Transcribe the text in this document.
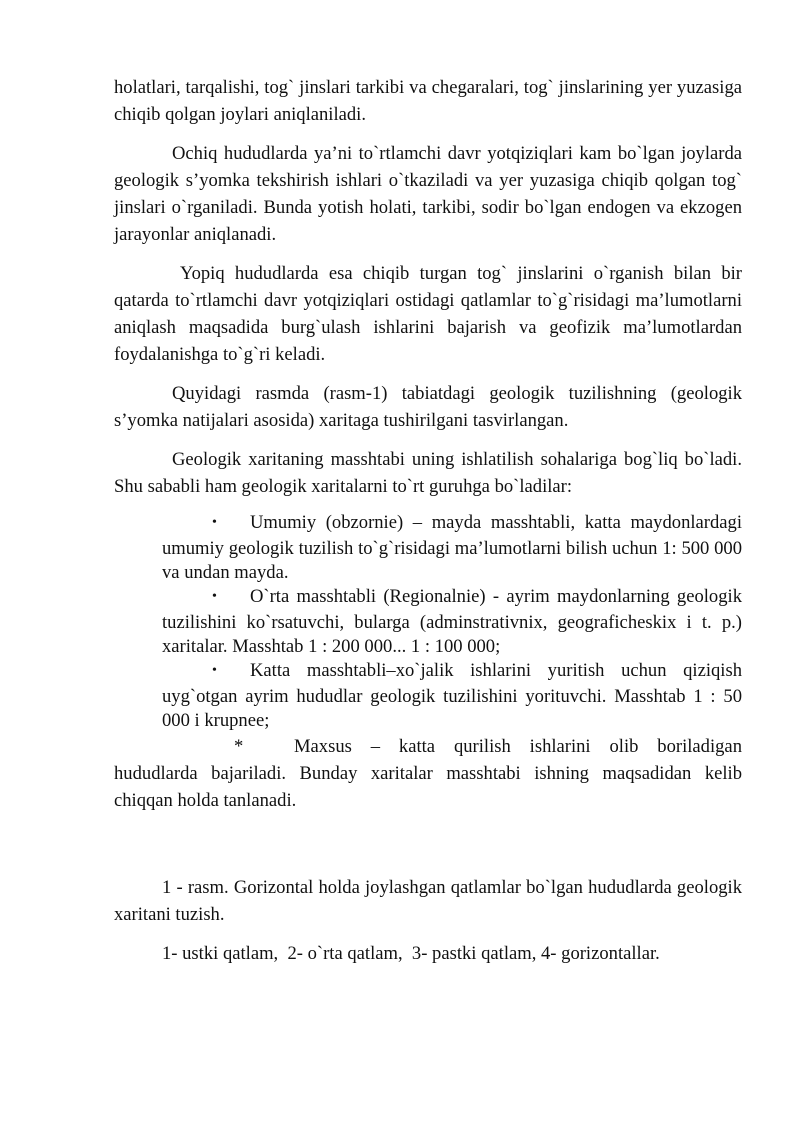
holatlari, tarqalishi, tog` jinslari tarkibi va chegaralari, tog` jinslarining yer yuzasiga chiqib qolgan joylari aniqlaniladi.

Ochiq hududlarda ya’ni to`rtlamchi davr yotqiziqlari kam bo`lgan joylarda geologik s’yomka tekshirish ishlari o`tkaziladi va yer yuzasiga chiqib qolgan tog` jinslari o`rganiladi. Bunda yotish holati, tarkibi, sodir bo`lgan endogen va ekzogen jarayonlar aniqlanadi.

Yopiq hududlarda esa chiqib turgan tog` jinslarini o`rganish bilan bir qatarda to`rtlamchi davr yotqiziqlari ostidagi qatlamlar to`g`risidagi ma’lumotlarni aniqlash maqsadida burg`ulash ishlarini bajarish va geofizik ma’lumotlardan foydalanishga to`g`ri keladi.

Quyidagi rasmda (rasm-1) tabiatdagi geologik tuzilishning (geologik s’yomka natijalari asosida) xaritaga tushirilgani tasvirlangan.

Geologik xaritaning masshtabi uning ishlatilish sohalariga bog`liq bo`ladi. Shu sababli ham geologik xaritalarni to`rt guruhga bo`ladilar:

• Umumiy (obzornie) – mayda masshtabli, katta maydonlardagi umumiy geologik tuzilish to`g`risidagi ma’lumotlarni bilish uchun 1: 500 000 va undan mayda.
• O`rta masshtabli (Regionalnie) - ayrim maydonlarning geologik tuzilishini ko`rsatuvchi, bularga (adminstrativnix, geograficheskix i t. p.) xaritalar. Masshtab 1 : 200 000... 1 : 100 000;
• Katta masshtabli–xo`jalik ishlarini yuritish uchun qiziqish uyg`otgan ayrim hududlar geologik tuzilishini yorituvchi. Masshtab 1 : 50 000 i krupnee;

*	Maxsus – katta qurilish ishlarini olib boriladigan hududlarda bajariladi. Bunday xaritalar masshtabi ishning maqsadidan kelib chiqqan holda tanlanadi.

1 - rasm. Gorizontal holda joylashgan qatlamlar bo`lgan hududlarda geologik xaritani tuzish.

1- ustki qatlam,  2- o`rta qatlam,  3- pastki qatlam, 4- gorizontallar.
